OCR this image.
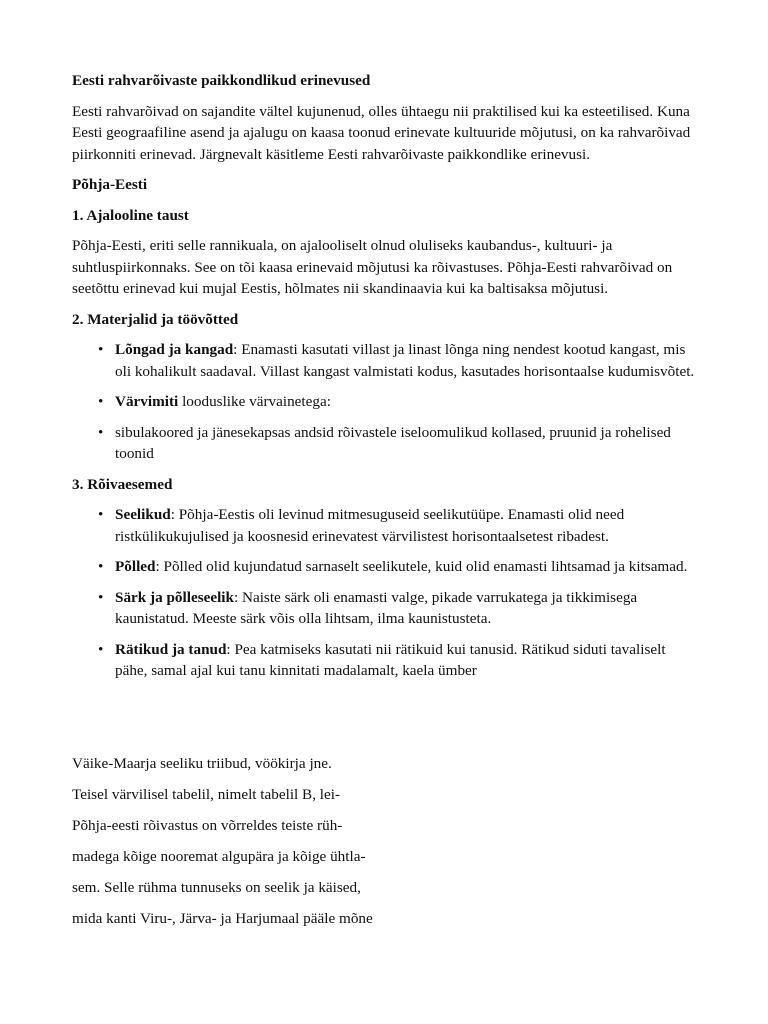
Eesti rahvarõivaste paikkondlikud erinevused

Eesti rahvarõivad on sajandite vältel kujunenud, olles ühtaegu nii praktilised kui ka esteetilised. Kuna Eesti geograafiline asend ja ajalugu on kaasa toonud erinevate kultuuride mõjutusi, on ka rahvarõivad piirkonniti erinevad. Järgnevalt käsitleme Eesti rahvarõivaste paikkondlike erinevusi.

Põhja-Eesti

1. Ajalooline taust

Põhja-Eesti, eriti selle rannikuala, on ajalooliselt olnud oluliseks kaubandus-, kultuuri- ja suhtluspiirkonnaks. See on tõi kaasa erinevaid mõjutusi ka rõivastuses. Põhja-Eesti rahvarõivad on seetõttu erinevad kui mujal Eestis, hõlmates nii skandinaavia kui ka baltisaksa mõjutusi.

2. Materjalid ja töövõtted

• Lõngad ja kangad: Enamasti kasutati villast ja linast lõnga ning nendest kootud kangast, mis oli kohalikult saadaval. Villast kangast valmistati kodus, kasutades horisontaalse kudumisvõtet.
• Värvimiti looduslike värvainetega:
• sibulakoored ja jänesekapsas andsid rõivastele iseloomulikud kollased, pruunid ja rohelised toonid

3. Rõivaesemed

• Seelikud: Põhja-Eestis oli levinud mitmesuguseid seelikutüüpe. Enamasti olid need ristkülikukujulised ja koosnesid erinevatest värvilistest horisontaalsetest ribadest.
• Põlled: Põlled olid kujundatud sarnaselt seelikutele, kuid olid enamasti lihtsamad ja kitsamad.
• Särk ja põlleseelik: Naiste särk oli enamasti valge, pikade varrukatega ja tikkimisega kaunistatud. Meeste särk võis olla lihtsam, ilma kaunistusteta.
• Rätikud ja tanud: Pea katmiseks kasutati nii rätikuid kui tanusid. Rätikud siduti tavaliselt pähe, samal ajal kui tanu kinnitati madalamalt, kaela ümber

Väike-Maarja seeliku triibud, vöökirja jne.

Teisel värvilisel tabelil, nimelt tabelil B, lei-

Põhja-eesti rõivastus on võrreldes teiste rüh-

madega kõige nooremat algupära ja kõige ühtla-

sem. Selle rühma tunnuseks on seelik ja käised,

mida kanti Viru-, Järva- ja Harjumaal pääle mõne
